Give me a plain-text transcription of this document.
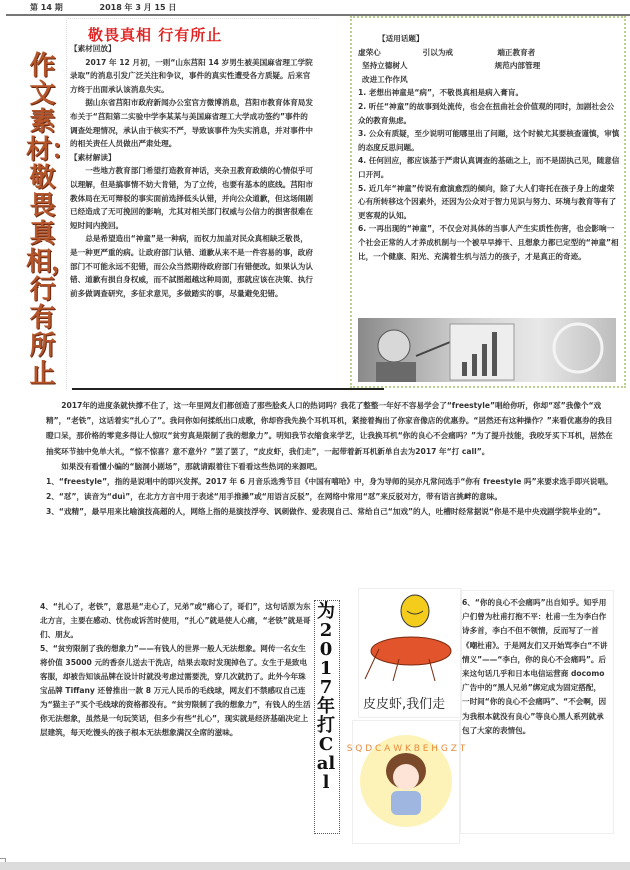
第 14 期	2018 年 3 月 15 日
作文素材：敬畏真相，行有所止
敬畏真相 行有所止

【素材回放】

2017 年 12 月初，一则“山东莒阳 14 岁男生被美国麻省理工学院录取”的消息引发广泛关注和争议，事件的真实性遭受各方质疑。后来官方终于出面承认该消息失实。

据山东省莒阳市政府新闻办公室官方微博消息，莒阳市教育体育局发布关于“莒阳第二实验中学李某某与美国麻省理工大学成功签约”事件的调查处理情况，承认由于核实不严，导致该事件为失实消息，并对事件中的相关责任人员做出严肃处理。

【素材解读】

一些地方教育部门希望打造教育神话，夹杂丑教育政绩的心情似乎可以理解，但是搞事情不妨大肯错，为了立传，也要有基本的底线。莒阳市教体局在无可辩驳的事实面前选择低头认错，并向公众道歉，但这场闹剧已经造成了无可挽回的影响，尤其对相关部门权威与公信力的损害很难在短时间内挽回。

总是希望造出“神童”是一种病，而权力加盖对民众真相缺乏敬畏，是一种更严重的病。让政府部门认错、道歉从来不是一件容易的事，政府部门不可能永远不犯错，而公众当然期待政府部门有错便改。如果认为认错、道歉有损自身权威，而不試图超越这种局面，那就应该在决策、执行前多做调查研究，多征求意见，多做踏实的事，尽量避免犯错。

【适用话题】
虚荣心	引以为戒	端正教育者
坚持立德树人	规范内部管理
改进工作作风
1. 老想出神童是“病”，不敬畏真相是病入膏肓。
2. 听任“神童”的故事到处流传，也会在扭曲社会价值观的同时，加剧社会公众的教育焦虑。
3. 公众有质疑，至少说明可能哪里出了问题，这个时候尤其要核查谨慎，审慎的态度反思问题。
4. 任何回应，都应该基于严肃认真调查的基础之上，而不是固执己见，随意信口开河。
5. 近几年“神童”传说有愈演愈烈的倾向，除了大人们寄托在孩子身上的虚荣心有所转移这个因素外，还因为公众对于智力见识与努力、环境与教育等有了更客观的认知。
6. 一再出现的“神童”，不仅会对具体的当事人产生实质性伤害，也会影响一个社会正常的人才养成机制与一个被早早捧干、且想象力都已定型的“神童”相比，一个健康、阳光、充满着生机与活力的孩子，才是真正的奇迹。

2017年的进度条就快撑不住了，这一年里网友们都创造了那些脍炙人口的热词吗？我花了整整一年好不容易学会了“freestyle”唱给你听，你却“怼”我像个“戏精”，“老铁”，这话着实“扎心了”。我问你如何揉纸出口成歌，你却咨我先换个耳机耳机，紧接着掏出了你家音像店的优惠券。“居然还有这种操作？”来看优惠券的我目瞪口呆，那价格的零竟多得让人惊叹“贫穷真是限制了我的想象力”。明知我节衣缩食来学艺，让我换耳机“你的良心不会痛吗？”为了提升技能，我咬牙买下耳机，居然在抽奖环节抽中免单大礼，“惊不惊喜？意不意外？”罢了罢了，“皮皮虾，我们走”，一起带着新耳机新单自去为2017 年“打 call”。

如果没有看懂小编的“脑洞小剧场”，那就请跟着往下看看这些热词的来源吧。

1、“freestyle”，指的是说唱中的即兴发挥。2017 年 6 月音乐选秀节目《中国有嘻哈》中，身为导师的吴亦凡常问选手“你有 freestyle 吗”来要求选手即兴说唱。

2、“怼”，读音为“duì”，在北方方言中用于表述“用手推搡”或“用语言反驳”，在网络中常用“怼”来反驳对方，带有语言挑衅的意味。

3、“戏精”，最早用来比喻演技高超的人，网络上指的是演技浮夸、讽刺做作、爱表现自己、常给自己“加戏”的人，吐槽时经常据说“你是不是中央戏剧学院毕业的”。

4、“扎心了，老铁”，意思是“走心了，兄弟”或“痛心了，哥们”，这句话原为东北方言，主要在感动、忧伤或诉苦时使用，“扎心”就是使人心痛，“老铁”就是哥们、朋友。

5、“贫穷限制了我的想象力”——有钱人的世界一般人无法想象。网传一名女生将价值 35000 元的香奈儿送去干洗店，结果去取时发现掉色了。女生于是致电客服，却被告知该品牌在设计时就没考虑过需要洗，穿几次就扔了。此外今年珠宝品牌 Tiffany 还曾推出一款 8 万元人民币的毛线球，网友们不禁感叹自己连为“猫主子”买个毛线球的资格都没有。“贫穷限制了我的想象力”，有钱人的生活你无法想象，虽然是一句玩笑话，但多少有些“扎心”，现实就是经济基础决定上层建筑，每天吃馒头的孩子根本无法想象满汉全席的滋味。

为2017年打Call
皮皮虾,我们走
S Q D C A W K B E H G Z T
6、“你的良心不会痛吗”出自知乎。知乎用户们曾为杜甫打抱不平：杜甫一生为李白作诗多首，李白不但不领情，反而写了一首《嘲杜甫》。于是网友们又开始骂李白“不讲情义”——“李白，你的良心不会痛吗”。后来这句话几乎和日本电信运营商 docomo广告中的“黑人兄弟”绑定成为固定搭配，一时间“你的良心不会痛吗”、“不会啊，因为我根本就没有良心”等良心黑人系列就承包了大家的表情包。
